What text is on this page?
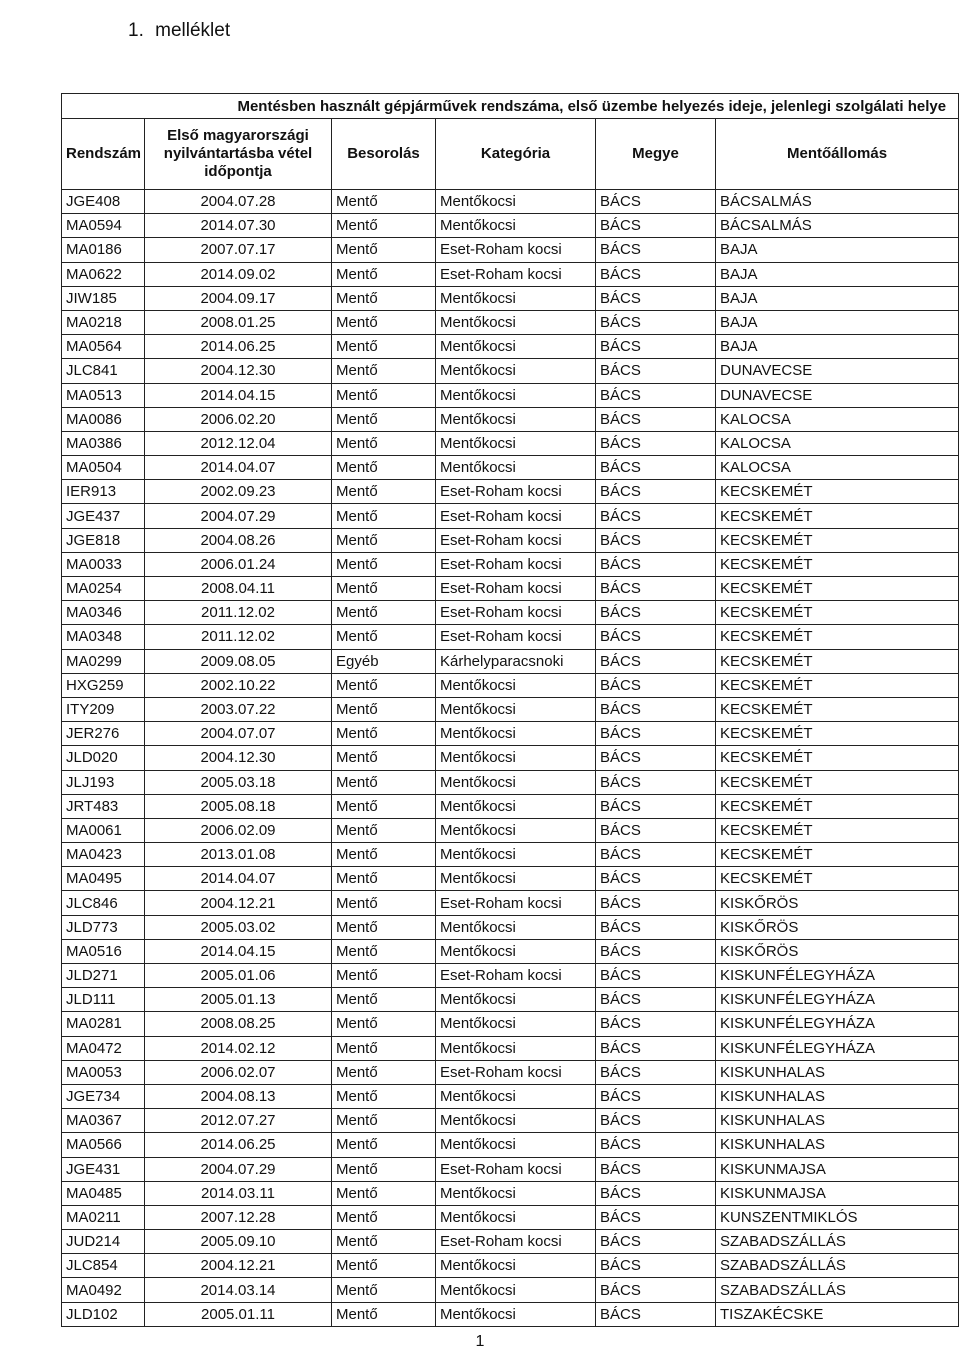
1. melléklet
Mentésben használt gépjárművek rendszáma, első üzembe helyezés ideje, jelenlegi szolgálati helye					
Rendszám	Első magyarországi nyilvántartásba vétel időpontja	Besorolás	Kategória	Megye	Mentőállomás
JGE408	2004.07.28	Mentő	Mentőkocsi	BÁCS	BÁCSALMÁS
MA0594	2014.07.30	Mentő	Mentőkocsi	BÁCS	BÁCSALMÁS
MA0186	2007.07.17	Mentő	Eset-Roham kocsi	BÁCS	BAJA
MA0622	2014.09.02	Mentő	Eset-Roham kocsi	BÁCS	BAJA
JIW185	2004.09.17	Mentő	Mentőkocsi	BÁCS	BAJA
MA0218	2008.01.25	Mentő	Mentőkocsi	BÁCS	BAJA
MA0564	2014.06.25	Mentő	Mentőkocsi	BÁCS	BAJA
JLC841	2004.12.30	Mentő	Mentőkocsi	BÁCS	DUNAVECSE
MA0513	2014.04.15	Mentő	Mentőkocsi	BÁCS	DUNAVECSE
MA0086	2006.02.20	Mentő	Mentőkocsi	BÁCS	KALOCSA
MA0386	2012.12.04	Mentő	Mentőkocsi	BÁCS	KALOCSA
MA0504	2014.04.07	Mentő	Mentőkocsi	BÁCS	KALOCSA
IER913	2002.09.23	Mentő	Eset-Roham kocsi	BÁCS	KECSKEMÉT
JGE437	2004.07.29	Mentő	Eset-Roham kocsi	BÁCS	KECSKEMÉT
JGE818	2004.08.26	Mentő	Eset-Roham kocsi	BÁCS	KECSKEMÉT
MA0033	2006.01.24	Mentő	Eset-Roham kocsi	BÁCS	KECSKEMÉT
MA0254	2008.04.11	Mentő	Eset-Roham kocsi	BÁCS	KECSKEMÉT
MA0346	2011.12.02	Mentő	Eset-Roham kocsi	BÁCS	KECSKEMÉT
MA0348	2011.12.02	Mentő	Eset-Roham kocsi	BÁCS	KECSKEMÉT
MA0299	2009.08.05	Egyéb	Kárhelyparacsnoki	BÁCS	KECSKEMÉT
HXG259	2002.10.22	Mentő	Mentőkocsi	BÁCS	KECSKEMÉT
ITY209	2003.07.22	Mentő	Mentőkocsi	BÁCS	KECSKEMÉT
JER276	2004.07.07	Mentő	Mentőkocsi	BÁCS	KECSKEMÉT
JLD020	2004.12.30	Mentő	Mentőkocsi	BÁCS	KECSKEMÉT
JLJ193	2005.03.18	Mentő	Mentőkocsi	BÁCS	KECSKEMÉT
JRT483	2005.08.18	Mentő	Mentőkocsi	BÁCS	KECSKEMÉT
MA0061	2006.02.09	Mentő	Mentőkocsi	BÁCS	KECSKEMÉT
MA0423	2013.01.08	Mentő	Mentőkocsi	BÁCS	KECSKEMÉT
MA0495	2014.04.07	Mentő	Mentőkocsi	BÁCS	KECSKEMÉT
JLC846	2004.12.21	Mentő	Eset-Roham kocsi	BÁCS	KISKŐRÖS
JLD773	2005.03.02	Mentő	Mentőkocsi	BÁCS	KISKŐRÖS
MA0516	2014.04.15	Mentő	Mentőkocsi	BÁCS	KISKŐRÖS
JLD271	2005.01.06	Mentő	Eset-Roham kocsi	BÁCS	KISKUNFÉLEGYHÁZA
JLD111	2005.01.13	Mentő	Mentőkocsi	BÁCS	KISKUNFÉLEGYHÁZA
MA0281	2008.08.25	Mentő	Mentőkocsi	BÁCS	KISKUNFÉLEGYHÁZA
MA0472	2014.02.12	Mentő	Mentőkocsi	BÁCS	KISKUNFÉLEGYHÁZA
MA0053	2006.02.07	Mentő	Eset-Roham kocsi	BÁCS	KISKUNHALAS
JGE734	2004.08.13	Mentő	Mentőkocsi	BÁCS	KISKUNHALAS
MA0367	2012.07.27	Mentő	Mentőkocsi	BÁCS	KISKUNHALAS
MA0566	2014.06.25	Mentő	Mentőkocsi	BÁCS	KISKUNHALAS
JGE431	2004.07.29	Mentő	Eset-Roham kocsi	BÁCS	KISKUNMAJSA
MA0485	2014.03.11	Mentő	Mentőkocsi	BÁCS	KISKUNMAJSA
MA0211	2007.12.28	Mentő	Mentőkocsi	BÁCS	KUNSZENTMIKLÓS
JUD214	2005.09.10	Mentő	Eset-Roham kocsi	BÁCS	SZABADSZÁLLÁS
JLC854	2004.12.21	Mentő	Mentőkocsi	BÁCS	SZABADSZÁLLÁS
MA0492	2014.03.14	Mentő	Mentőkocsi	BÁCS	SZABADSZÁLLÁS
JLD102	2005.01.11	Mentő	Mentőkocsi	BÁCS	TISZAKÉCSKE
1
